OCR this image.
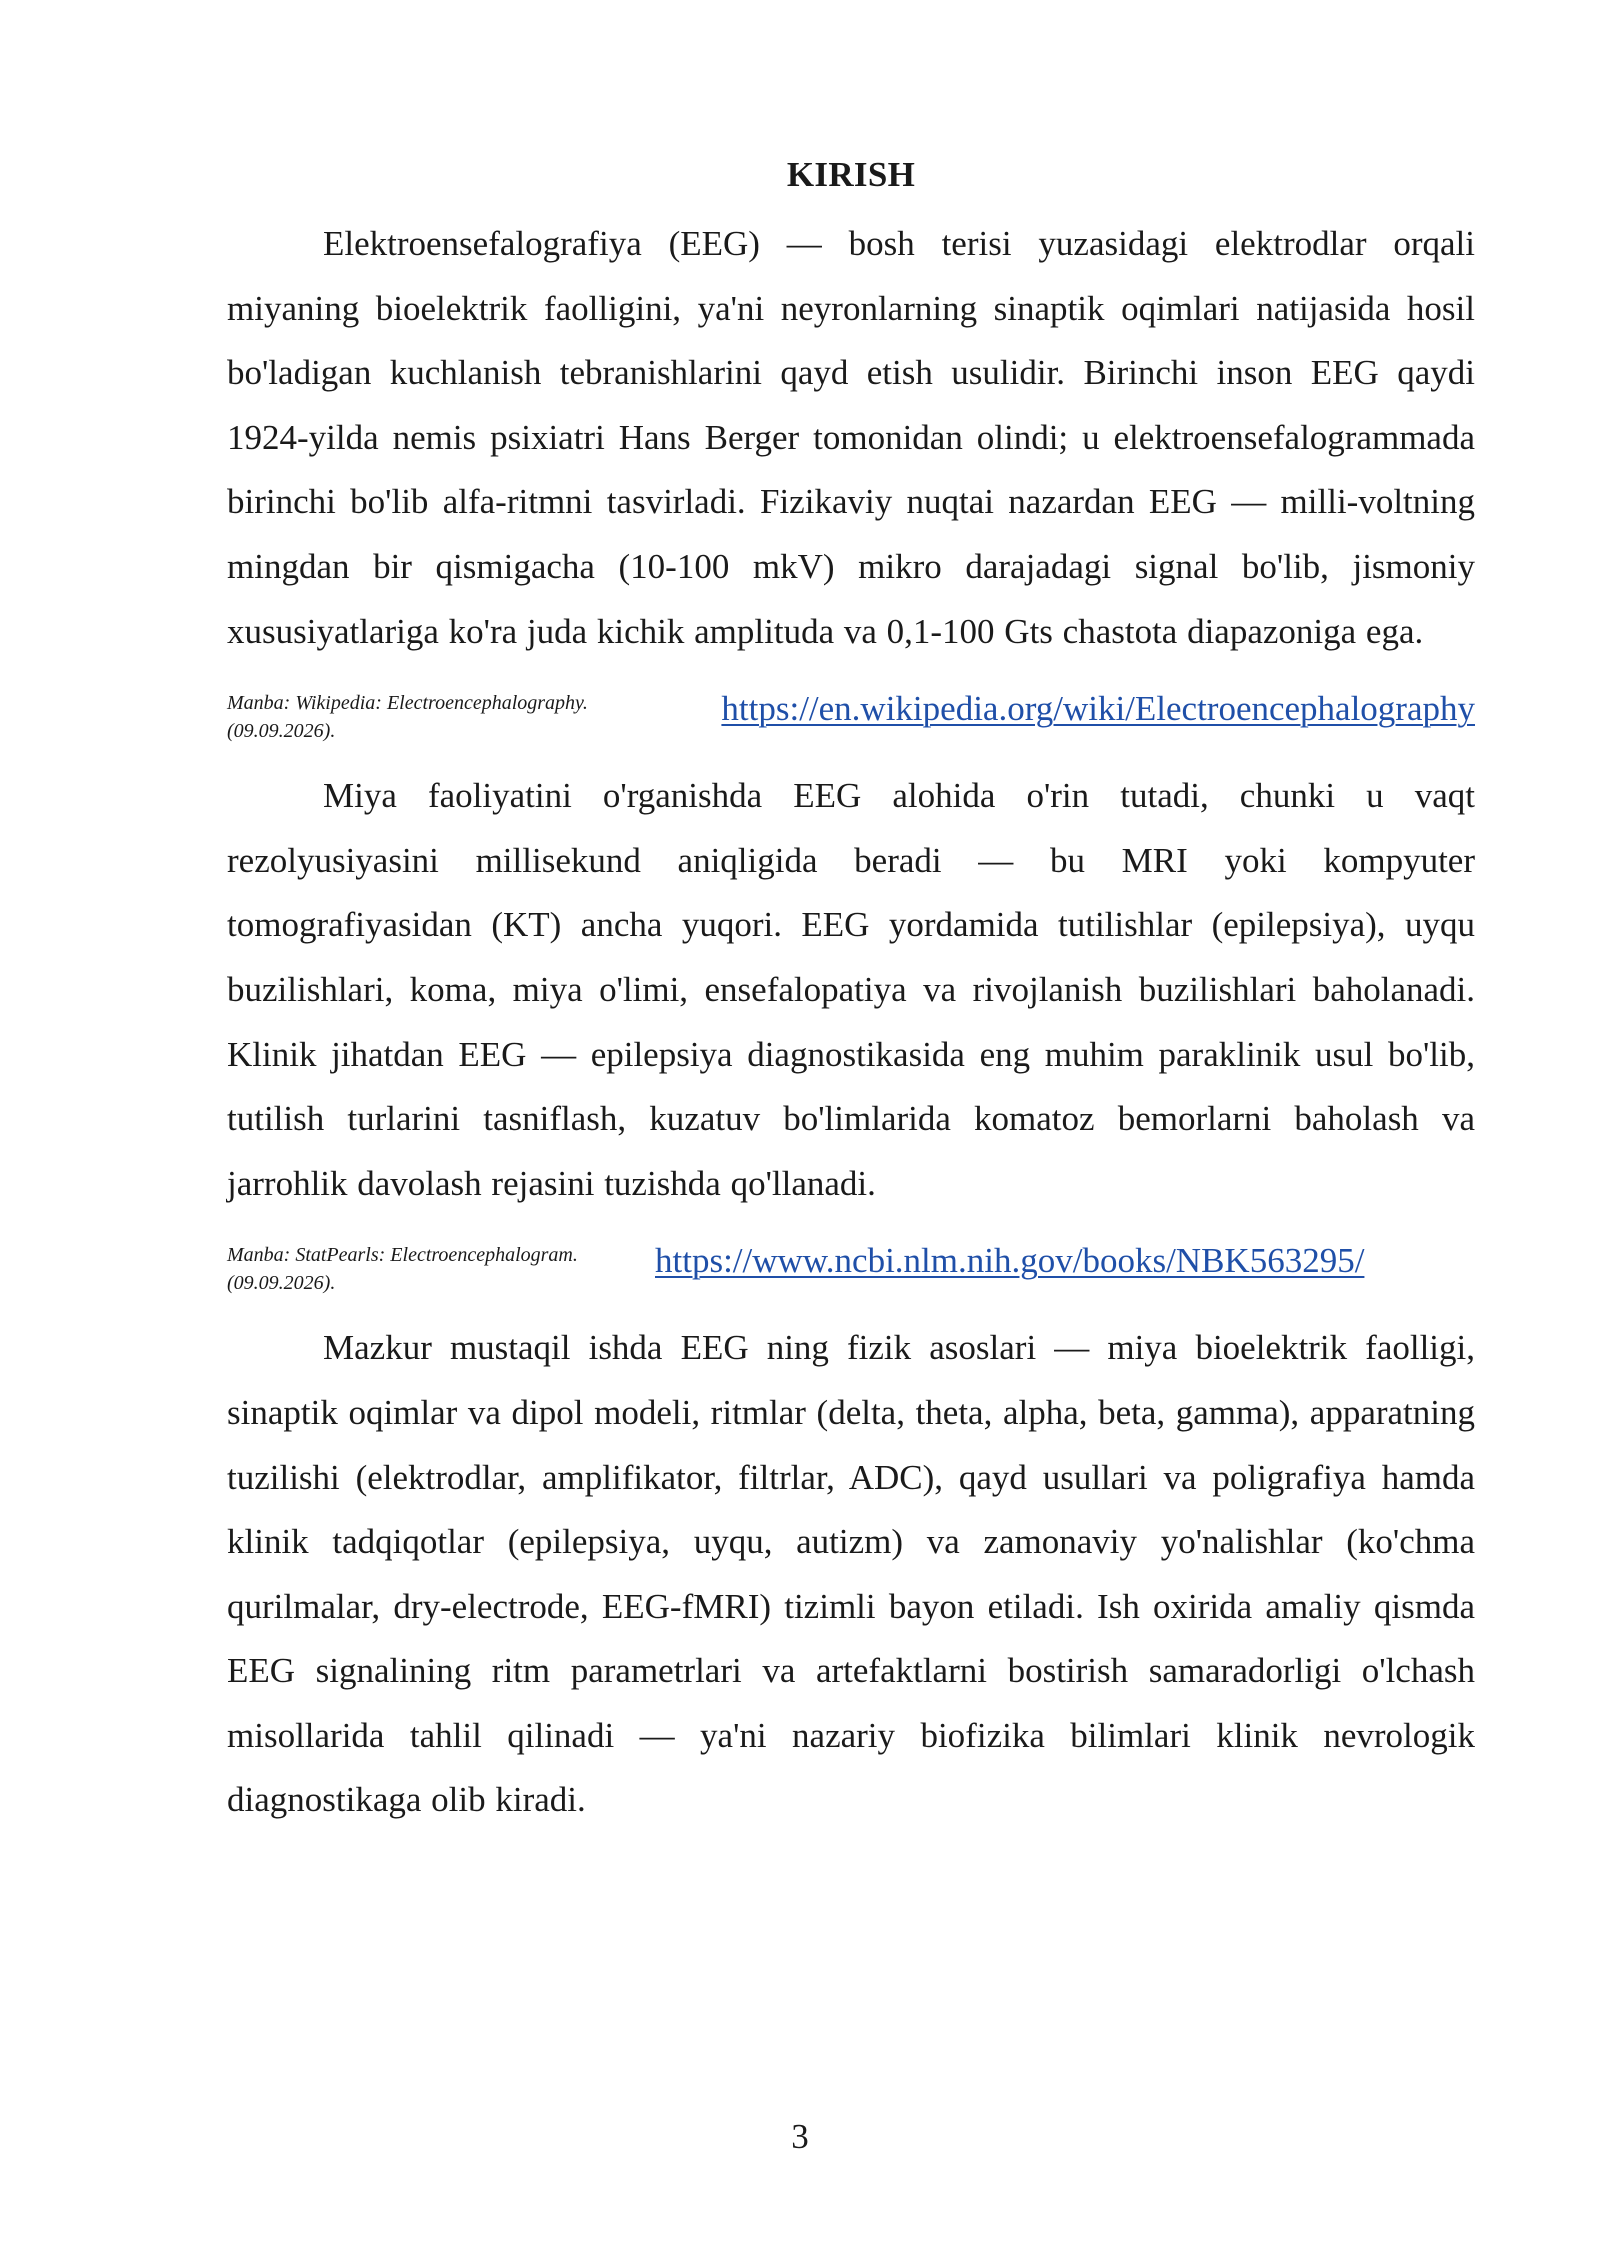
KIRISH

Elektroensefalografiya (EEG) — bosh terisi yuzasidagi elektrodlar orqali miyaning bioelektrik faolligini, ya'ni neyronlarning sinaptik oqimlari natijasida hosil bo'ladigan kuchlanish tebranishlarini qayd etish usulidir. Birinchi inson EEG qaydi 1924-yilda nemis psixiatri Hans Berger tomonidan olindi; u elektroensefalogrammada birinchi bo'lib alfa-ritmni tasvirladi. Fizikaviy nuqtai nazardan EEG — milli-voltning mingdan bir qismigacha (10-100 mkV) mikro darajadagi signal bo'lib, jismoniy xususiyatlariga ko'ra juda kichik amplituda va 0,1-100 Gts chastota diapazoniga ega.

Manba: Wikipedia: Electroencephalography.	https://en.wikipedia.org/wiki/Electroencephalography
(09.09.2026).

Miya faoliyatini o'rganishda EEG alohida o'rin tutadi, chunki u vaqt rezolyusiyasini millisekund aniqligida beradi — bu MRI yoki kompyuter tomografiyasidan (KT) ancha yuqori. EEG yordamida tutilishlar (epilepsiya), uyqu buzilishlari, koma, miya o'limi, ensefalopatiya va rivojlanish buzilishlari baholanadi. Klinik jihatdan EEG — epilepsiya diagnostikasida eng muhim paraklinik usul bo'lib, tutilish turlarini tasniflash, kuzatuv bo'limlarida komatoz bemorlarni baholash va jarrohlik davolash rejasini tuzishda qo'llanadi.

Manba: StatPearls: Electroencephalogram. https://www.ncbi.nlm.nih.gov/books/NBK563295/
(09.09.2026).

Mazkur mustaqil ishda EEG ning fizik asoslari — miya bioelektrik faolligi, sinaptik oqimlar va dipol modeli, ritmlar (delta, theta, alpha, beta, gamma), apparatning tuzilishi (elektrodlar, amplifikator, filtrlar, ADC), qayd usullari va poligrafiya hamda klinik tadqiqotlar (epilepsiya, uyqu, autizm) va zamonaviy yo'nalishlar (ko'chma qurilmalar, dry-electrode, EEG-fMRI) tizimli bayon etiladi. Ish oxirida amaliy qismda EEG signalining ritm parametrlari va artefaktlarni bostirish samaradorligi o'lchash misollarida tahlil qilinadi — ya'ni nazariy biofizika bilimlari klinik nevrologik diagnostikaga olib kiradi.

3
